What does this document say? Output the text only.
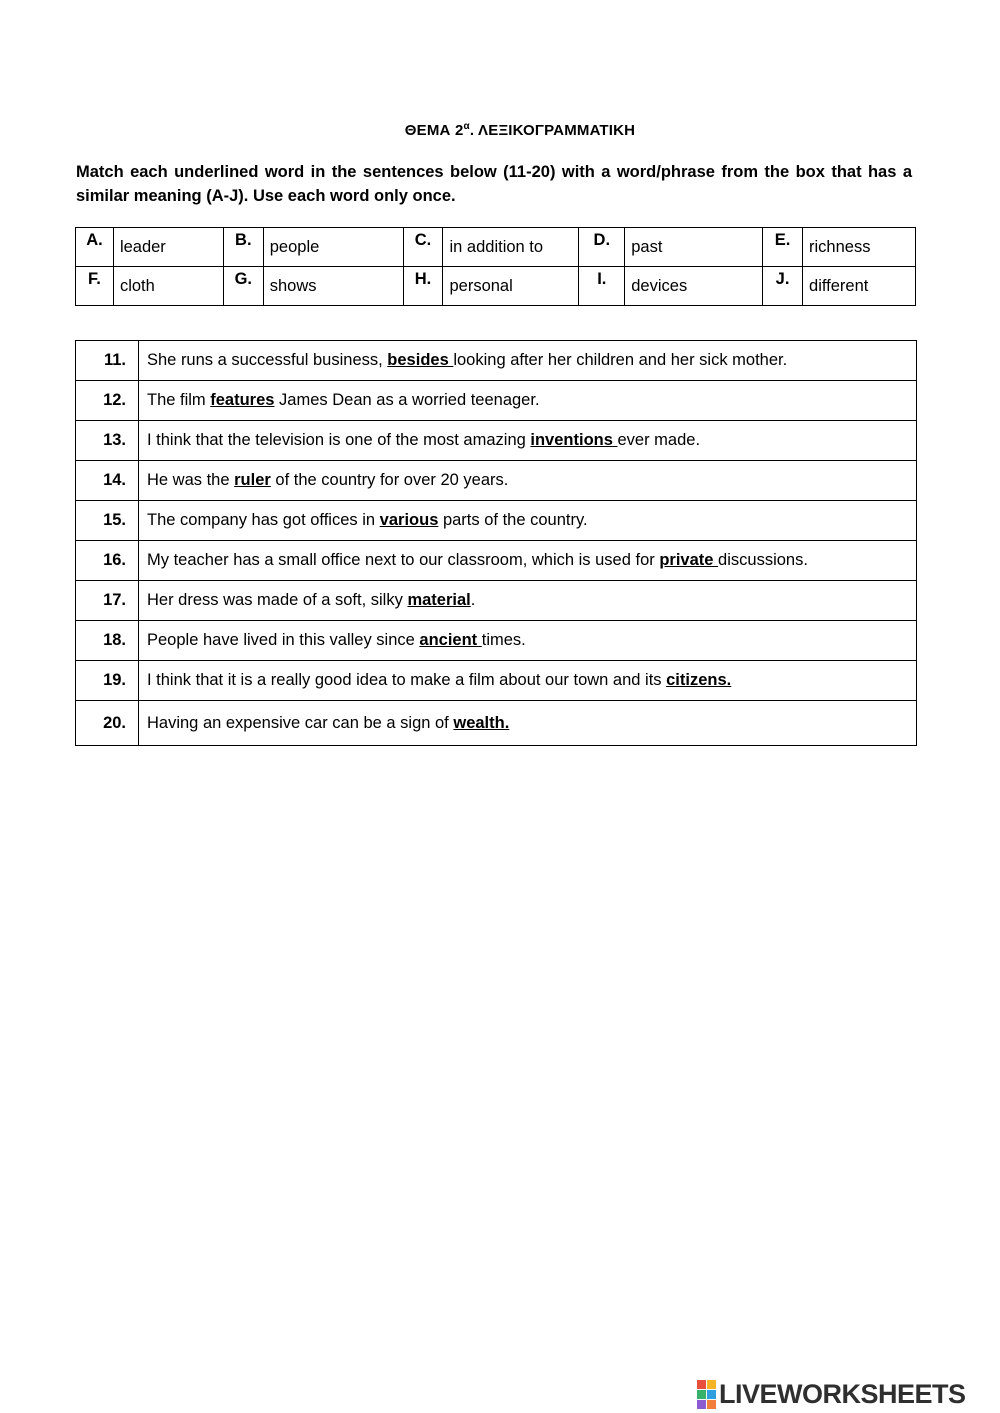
ΘΕΜΑ $2^\alpha$. ΛΕΞΙΚΟΓΡΑΜΜΑΤΙΚΗ
Match each underlined word in the sentences below (11-20) with a word/phrase from the box that has a similar meaning (A-J). Use each word only once.
A.	leader	B.	people	C.	in addition to	D.	past	E.	richness
F.	cloth	G.	shows	H.	personal	I.	devices	J.	different
11.	She runs a successful business, besides looking after her children and her sick mother.
12.	The film features James Dean as a worried teenager.
13.	I think that the television is one of the most amazing inventions ever made.
14.	He was the ruler of the country for over 20 years.
15.	The company has got offices in various parts of the country.
16.	My teacher has a small office next to our classroom, which is used for private discussions.
17.	Her dress was made of a soft, silky material.
18.	People have lived in this valley since ancient times.
19.	I think that it is a really good idea to make a film about our town and its citizens.
20.	Having an expensive car can be a sign of wealth.
LIVEWORKSHEETS
